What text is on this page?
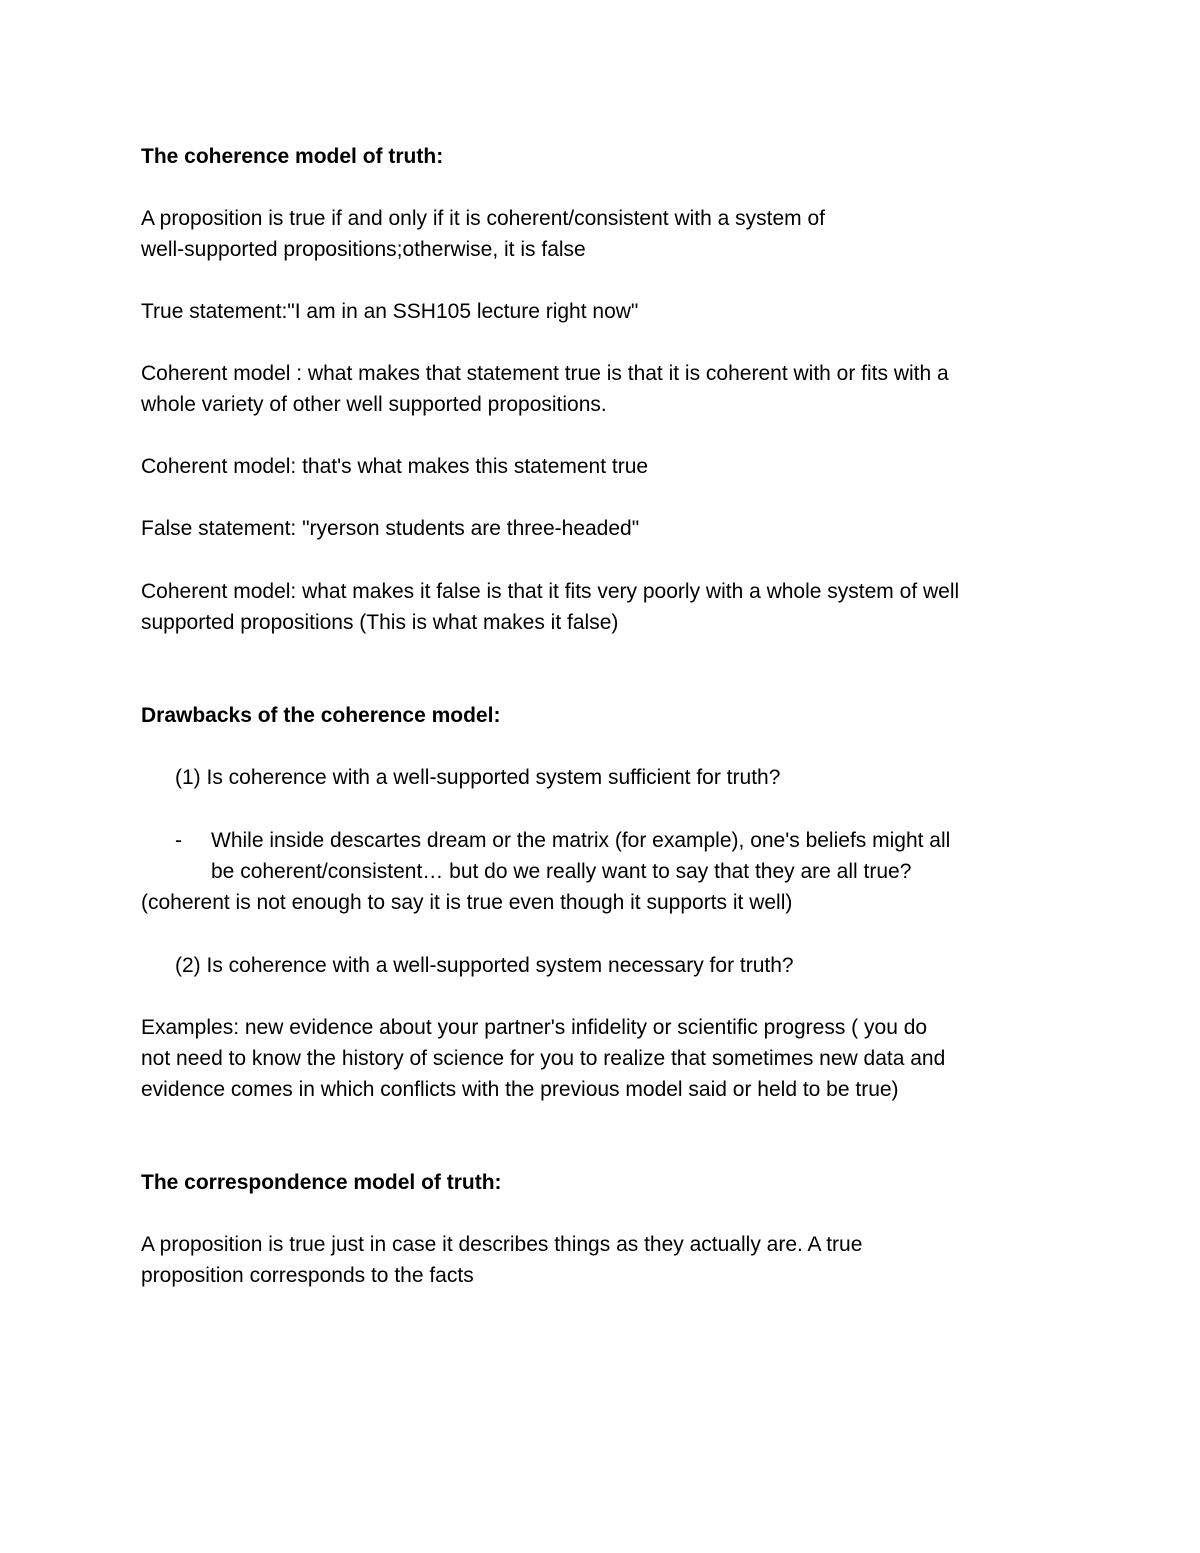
The coherence model of truth:
A proposition is true if and only if it is coherent/consistent with a system of
well-supported propositions;otherwise, it is false
True statement:"I am in an SSH105 lecture right now"
Coherent model : what makes that statement true is that it is coherent with or fits with a
whole variety of other well supported propositions.
Coherent model: that's what makes this statement true
False statement: "ryerson students are three-headed"
Coherent model: what makes it false is that it fits very poorly with a whole system of well
supported propositions (This is what makes it false)
Drawbacks of the coherence model:
(1) Is coherence with a well-supported system sufficient for truth?
- While inside descartes dream or the matrix (for example), one's beliefs might all
be coherent/consistent… but do we really want to say that they are all true?
(coherent is not enough to say it is true even though it supports it well)
(2) Is coherence with a well-supported system necessary for truth?
Examples: new evidence about your partner's infidelity or scientific progress ( you do
not need to know the history of science for you to realize that sometimes new data and
evidence comes in which conflicts with the previous model said or held to be true)
The correspondence model of truth:
A proposition is true just in case it describes things as they actually are. A true
proposition corresponds to the facts
